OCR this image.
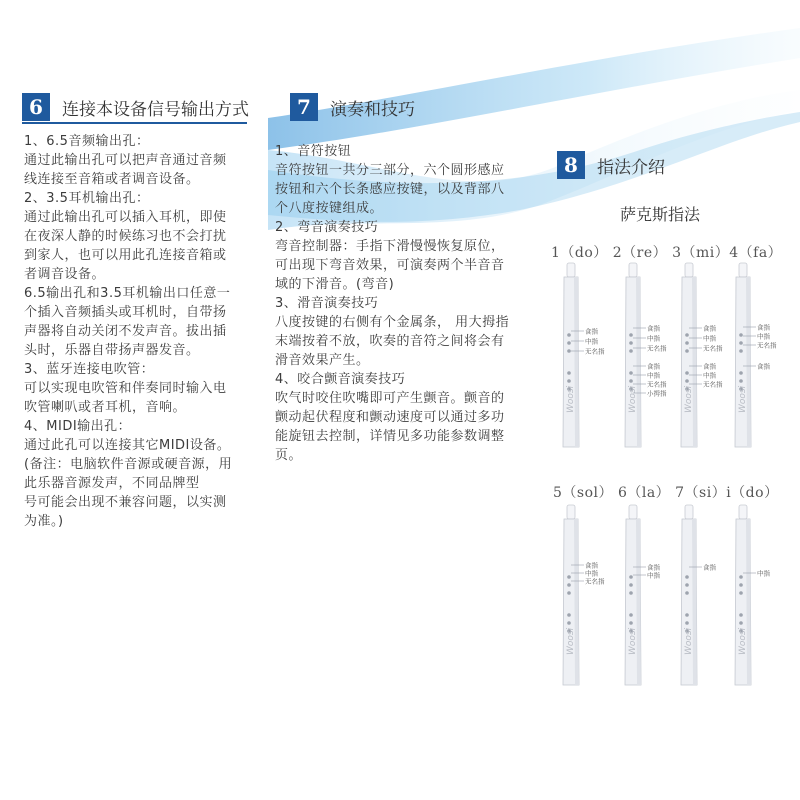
6	连接本设备信号输出方式

1、6.5音频输出孔：

通过此输出孔可以把声音通过音频

线连接至音箱或者调音设备。

2、3.5耳机输出孔：

通过此输出孔可以插入耳机，即使

在夜深人静的时候练习也不会打扰

到家人，也可以用此孔连接音箱或

者调音设备。

6.5输出孔和3.5耳机输出口任意一

个插入音频插头或耳机时，自带扬

声器将自动关闭不发声音。拔出插

头时，乐器自带扬声器发音。

3、蓝牙连接电吹管：

可以实现电吹管和伴奏同时输入电

吹管喇叭或者耳机，音响。

4、MIDI输出孔：

通过此孔可以连接其它MIDI设备。

(备注：电脑软件音源或硬音源，用

此乐器音源发声，不同品牌型

号可能会出现不兼容问题，以实测

为准。)

7	演奏和技巧

1、音符按钮

音符按钮一共分三部分，六个圆形感应

按钮和六个长条感应按键，以及背部八

个八度按键组成。

2、弯音演奏技巧

弯音控制器：手指下滑慢慢恢复原位，

可出现下弯音效果，可演奏两个半音音

域的下滑音。(弯音)

3、滑音演奏技巧

八度按键的右侧有个金属条， 用大拇指

末端按着不放，吹奏的音符之间将会有

滑音效果产生。

4、咬合颤音演奏技巧

吹气时咬住吹嘴即可产生颤音。颤音的

颤动起伏程度和颤动速度可以通过多功

能旋钮去控制，详情见多功能参数调整

页。

8	指法介绍
萨克斯指法
1（do） 2（re） 3（mi）4（fa）
5（sol） 6（la） 7（si）i（do）
Woosi
食指
中指
无名指
Woosi
食指
中指
无名指
食指
中指
无名指
小拇指 Woosi
食指
中指
无名指
食指
中指
无名指
Woosi
食指
中指
无名指
食指
Woosi
食指
中指
无名指
Woosi
食指
中指
Woosi
食指
Woosi
中指
